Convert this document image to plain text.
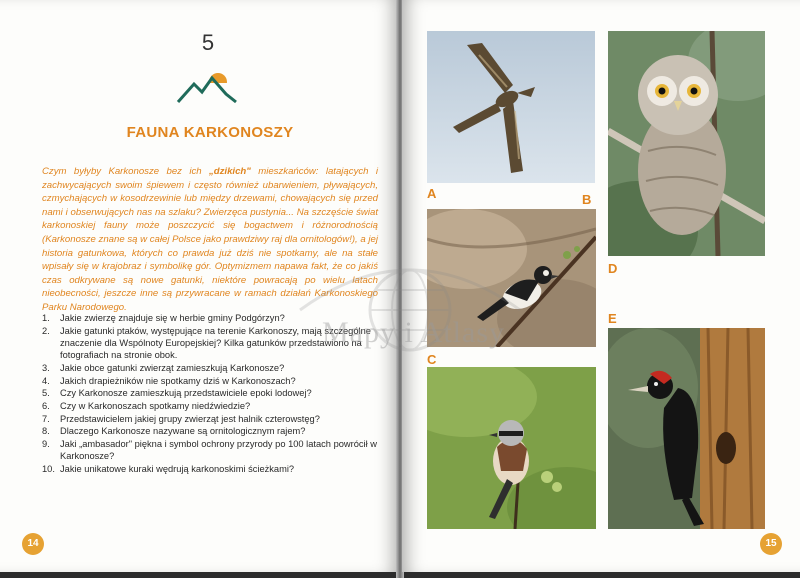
5
FAUNA KARKONOSZY

Czym byłyby Karkonosze bez ich „dzikich" mieszkańców: latających i zachwycających swoim śpiewem i często również ubarwieniem, pływających, czmychających w kosodrzewinie lub między drzewami, chowających się przed nami i obserwujących nas na szlaku? Zwierzęca pustynia... Na szczęście świat karkonoskiej fauny może poszczycić się bogactwem i różnorodnością (Karkonosze znane są w całej Polsce jako prawdziwy raj dla ornitologów!), a jej historia gatunkowa, których co prawda już dziś nie spotkamy, ale na stałe wpisały się w krajobraz i symbolikę gór. Optymizmem napawa fakt, że co jakiś czas odkrywane są nowe gatunki, niektóre powracają po wielu latach nieobecności, jeszcze inne są przywracane w ramach działań Karkonoskiego Parku Narodowego.

1.	Jakie zwierzę znajduje się w herbie gminy Podgórzyn?
2.	Jakie gatunki ptaków, występujące na terenie Karkonoszy, mają szczególne znaczenie dla Wspólnoty Europejskiej? Kilka gatunków przedstawiono na fotografiach na stronie obok.
3.	Jakie obce gatunki zwierząt zamieszkują Karkonosze?
4.	Jakich drapieżników nie spotkamy dziś w Karkonoszach?
5.	Czy Karkonosze zamieszkują przedstawiciele epoki lodowej?
6.	Czy w Karkonoszach spotkamy niedźwiedzie?
7.	Przedstawicielem jakiej grupy zwierząt jest halnik czterowstęg?
8.	Dlaczego Karkonosze nazywane są ornitologicznym rajem?
9.	Jaki „ambasador" piękna i symbol ochrony przyrody po 100 latach powrócił w Karkonosze?
10. Jakie unikatowe kuraki wędrują karkonoskimi ścieżkami?
14
A	B
C
D
E
15
Mapy i Atlasy
